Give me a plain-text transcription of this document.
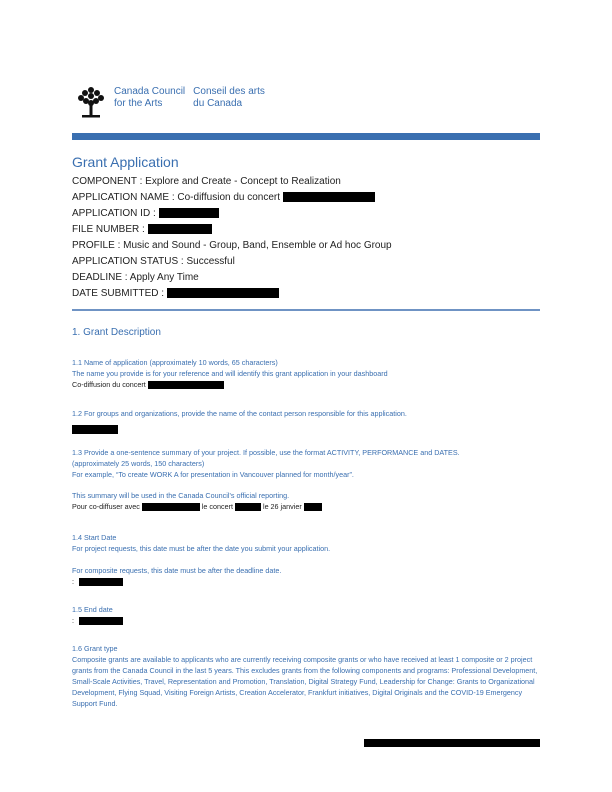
Canada Council
for the Arts
Conseil des arts
du Canada
Grant Application
COMPONENT : Explore and Create - Concept to Realization
APPLICATION NAME : Co-diffusion du concert
APPLICATION ID :
FILE NUMBER :
PROFILE : Music and Sound - Group, Band, Ensemble or Ad hoc Group
APPLICATION STATUS : Successful
DEADLINE : Apply Any Time
DATE SUBMITTED :
1. Grant Description
1.1 Name of application (approximately 10 words, 65 characters)
The name you provide is for your reference and will identify this grant application in your dashboard
Co-diffusion du concert
1.2 For groups and organizations, provide the name of the contact person responsible for this application.
1.3 Provide a one-sentence summary of your project. If possible, use the format ACTIVITY, PERFORMANCE and DATES.
(approximately 25 words, 150 characters)
For example, “To create WORK A for presentation in Vancouver planned for month/year”.
This summary will be used in the Canada Council’s official reporting.
Pour co-diffuser avec	le concert	le 26 janvier
1.4 Start Date
For project requests, this date must be after the date you submit your application.
For composite requests, this date must be after the deadline date.
:
1.5 End date
:
1.6 Grant type
Composite grants are available to applicants who are currently receiving composite grants or who have received at least 1 composite or 2 project grants from the Canada Council in the last 5 years. This excludes grants from the following components and programs: Professional Development, Small-Scale Activities, Travel, Representation and Promotion, Translation, Digital Strategy Fund, Leadership for Change: Grants to Organizational Development, Flying Squad, Visiting Foreign Artists, Creation Accelerator, Frankfurt initiatives, Digital Originals and the COVID-19 Emergency Support Fund.
